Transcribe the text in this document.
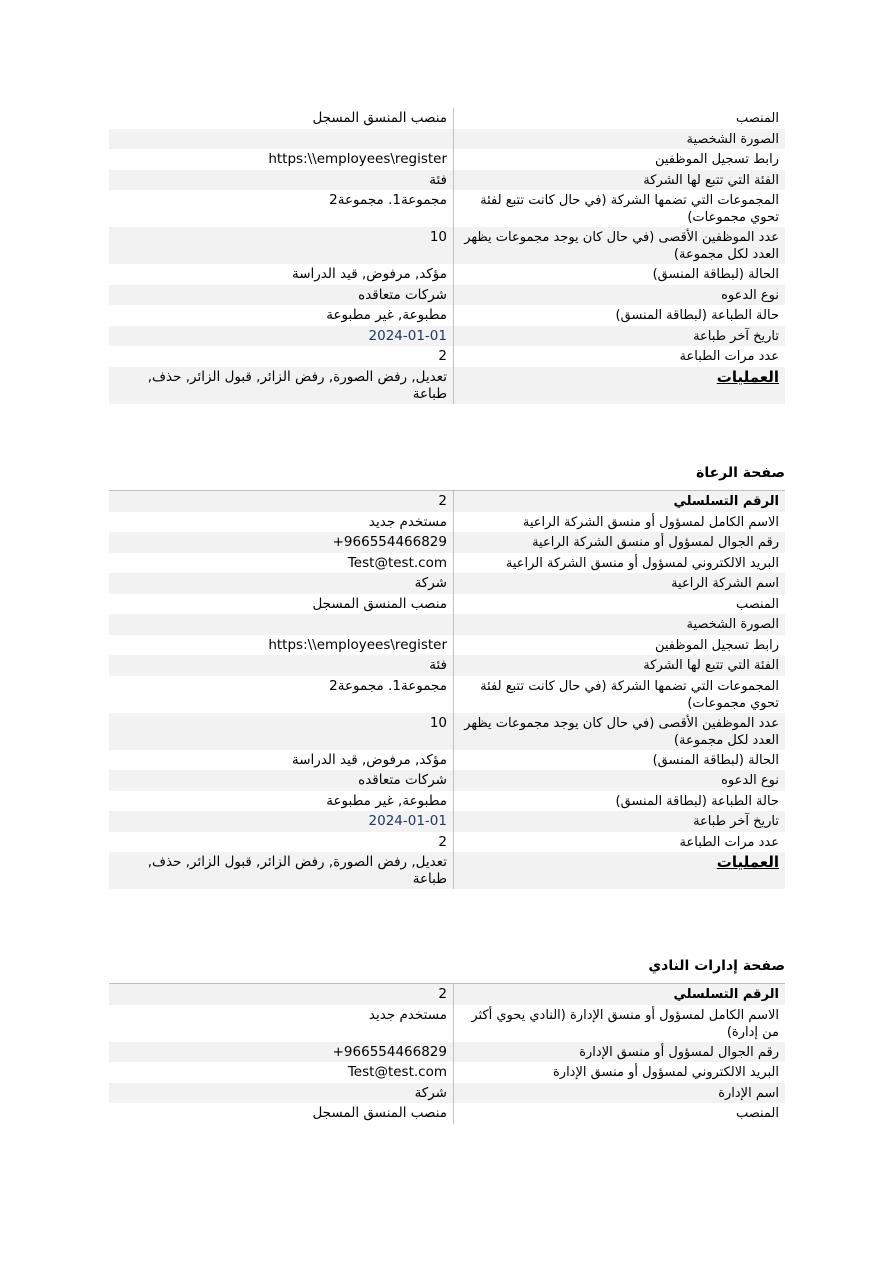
المنصب
منصب المنسق المسجل
الصورة الشخصية
رابط تسجيل الموظفين
https:\\employees\register
الفئة التي تتبع لها الشركة
فئة
المجموعات التي تضمها الشركة (في حال كانت تتبع لفئة تحوي مجموعات)
مجموعة1. مجموعة2
عدد الموظفين الأقصى (في حال كان يوجد مجموعات يظهر العدد لكل مجموعة)
10
الحالة (لبطاقة المنسق)
مؤكد, مرفوض, قيد الدراسة
نوع الدعوه
شركات متعاقده
حالة الطباعة (لبطاقة المنسق)
مطبوعة, غير مطبوعة
تاريخ آخر طباعة
2024-01-01
عدد مرات الطباعة
2
العمليات
تعديل, رفض الصورة, رفض الزائر, قبول الزائر, حذف, طباعة
صفحة الرعاة
الرقم التسلسلي
2
الاسم الكامل لمسؤول أو منسق الشركة الراعية
مستخدم جديد
رقم الجوال لمسؤول أو منسق الشركة الراعية
+966554466829
البريد الالكتروني لمسؤول أو منسق الشركة الراعية
Test@test.com
اسم الشركة الراعية
شركة
المنصب
منصب المنسق المسجل
الصورة الشخصية
رابط تسجيل الموظفين
https:\\employees\register
الفئة التي تتبع لها الشركة
فئة
المجموعات التي تضمها الشركة (في حال كانت تتبع لفئة تحوي مجموعات)
مجموعة1. مجموعة2
عدد الموظفين الأقصى (في حال كان يوجد مجموعات يظهر العدد لكل مجموعة)
10
الحالة (لبطاقة المنسق)
مؤكد, مرفوض, قيد الدراسة
نوع الدعوه
شركات متعاقده
حالة الطباعة (لبطاقة المنسق)
مطبوعة, غير مطبوعة
تاريخ آخر طباعة
2024-01-01
عدد مرات الطباعة
2
العمليات
تعديل, رفض الصورة, رفض الزائر, قبول الزائر, حذف, طباعة
صفحة إدارات النادي
الرقم التسلسلي
2
الاسم الكامل لمسؤول أو منسق الإدارة (النادي يحوي أكثر من إدارة)
مستخدم جديد
رقم الجوال لمسؤول أو منسق الإدارة
+966554466829
البريد الالكتروني لمسؤول أو منسق الإدارة
Test@test.com
اسم الإدارة
شركة
المنصب
منصب المنسق المسجل
